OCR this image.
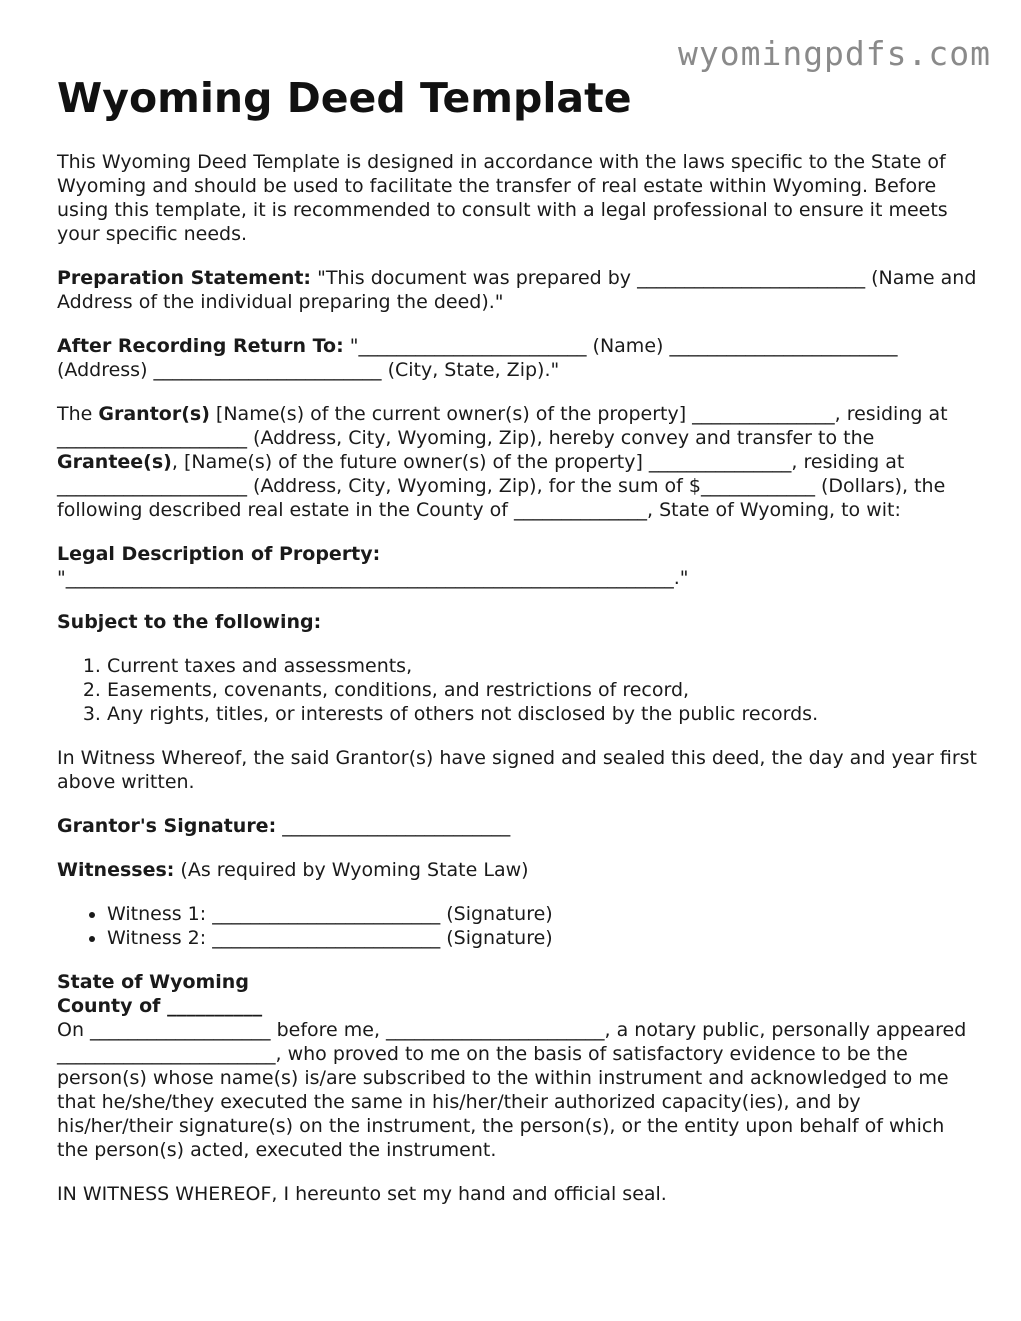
wyomingpdfs.com
Wyoming Deed Template

This Wyoming Deed Template is designed in accordance with the laws specific to the State of Wyoming and should be used to facilitate the transfer of real estate within Wyoming. Before using this template, it is recommended to consult with a legal professional to ensure it meets your specific needs.

Preparation Statement: "This document was prepared by ________________________ (Name and Address of the individual preparing the deed)."

After Recording Return To: "________________________ (Name) ________________________ (Address) ________________________ (City, State, Zip)."

The Grantor(s) [Name(s) of the current owner(s) of the property] _______________, residing at ____________________ (Address, City, Wyoming, Zip), hereby convey and transfer to the Grantee(s), [Name(s) of the future owner(s) of the property] _______________, residing at ____________________ (Address, City, Wyoming, Zip), for the sum of $____________ (Dollars), the following described real estate in the County of ______________, State of Wyoming, to wit:

Legal Description of Property:
"________________________________________________________________."

Subject to the following:

1. Current taxes and assessments,
2. Easements, covenants, conditions, and restrictions of record,
3. Any rights, titles, or interests of others not disclosed by the public records.

In Witness Whereof, the said Grantor(s) have signed and sealed this deed, the day and year first above written.

Grantor's Signature: ________________________

Witnesses: (As required by Wyoming State Law)

• Witness 1: ________________________ (Signature)
• Witness 2: ________________________ (Signature)

State of Wyoming
County of __________
On ___________________ before me, _______________________, a notary public, personally appeared _______________________, who proved to me on the basis of satisfactory evidence to be the person(s) whose name(s) is/are subscribed to the within instrument and acknowledged to me that he/she/they executed the same in his/her/their authorized capacity(ies), and by his/her/their signature(s) on the instrument, the person(s), or the entity upon behalf of which the person(s) acted, executed the instrument.

IN WITNESS WHEREOF, I hereunto set my hand and official seal.
